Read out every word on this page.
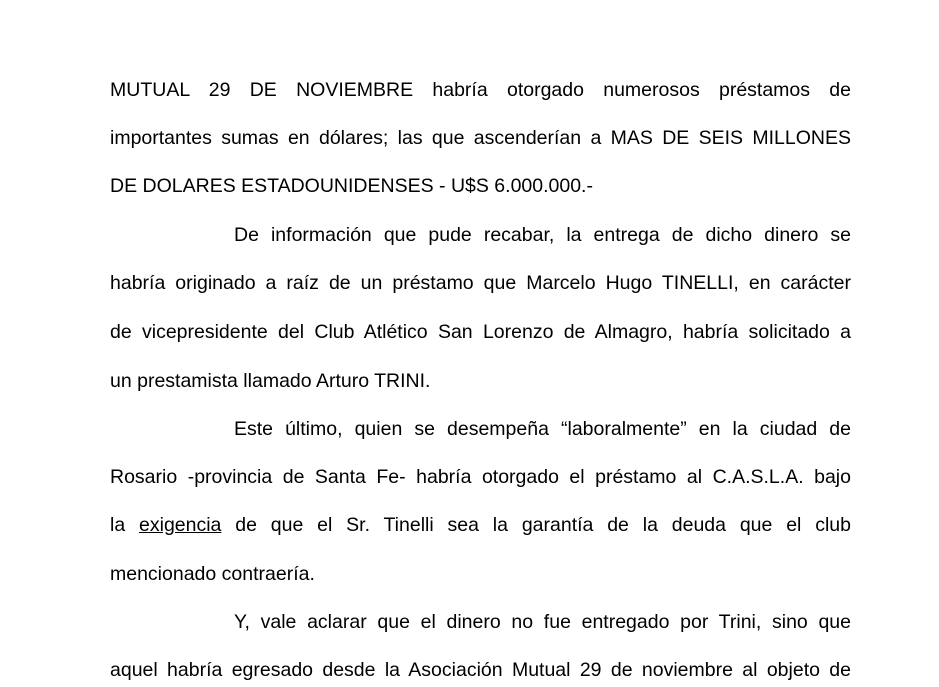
MUTUAL 29 DE NOVIEMBRE habría otorgado numerosos préstamos de
importantes sumas en dólares; las que ascenderían a MAS DE SEIS MILLONES
DE DOLARES ESTADOUNIDENSES - U$S 6.000.000.-
De información que pude recabar, la entrega de dicho dinero se
habría originado a raíz de un préstamo que Marcelo Hugo TINELLI, en carácter
de vicepresidente del Club Atlético San Lorenzo de Almagro, habría solicitado a
un prestamista llamado Arturo TRINI.
Este último, quien se desempeña “laboralmente” en la ciudad de
Rosario -provincia de Santa Fe- habría otorgado el préstamo al C.A.S.L.A. bajo
la exigencia de que el Sr. Tinelli sea la garantía de la deuda que el club
mencionado contraería.
Y, vale aclarar que el dinero no fue entregado por Trini, sino que
aquel habría egresado desde la Asociación Mutual 29 de noviembre al objeto de
